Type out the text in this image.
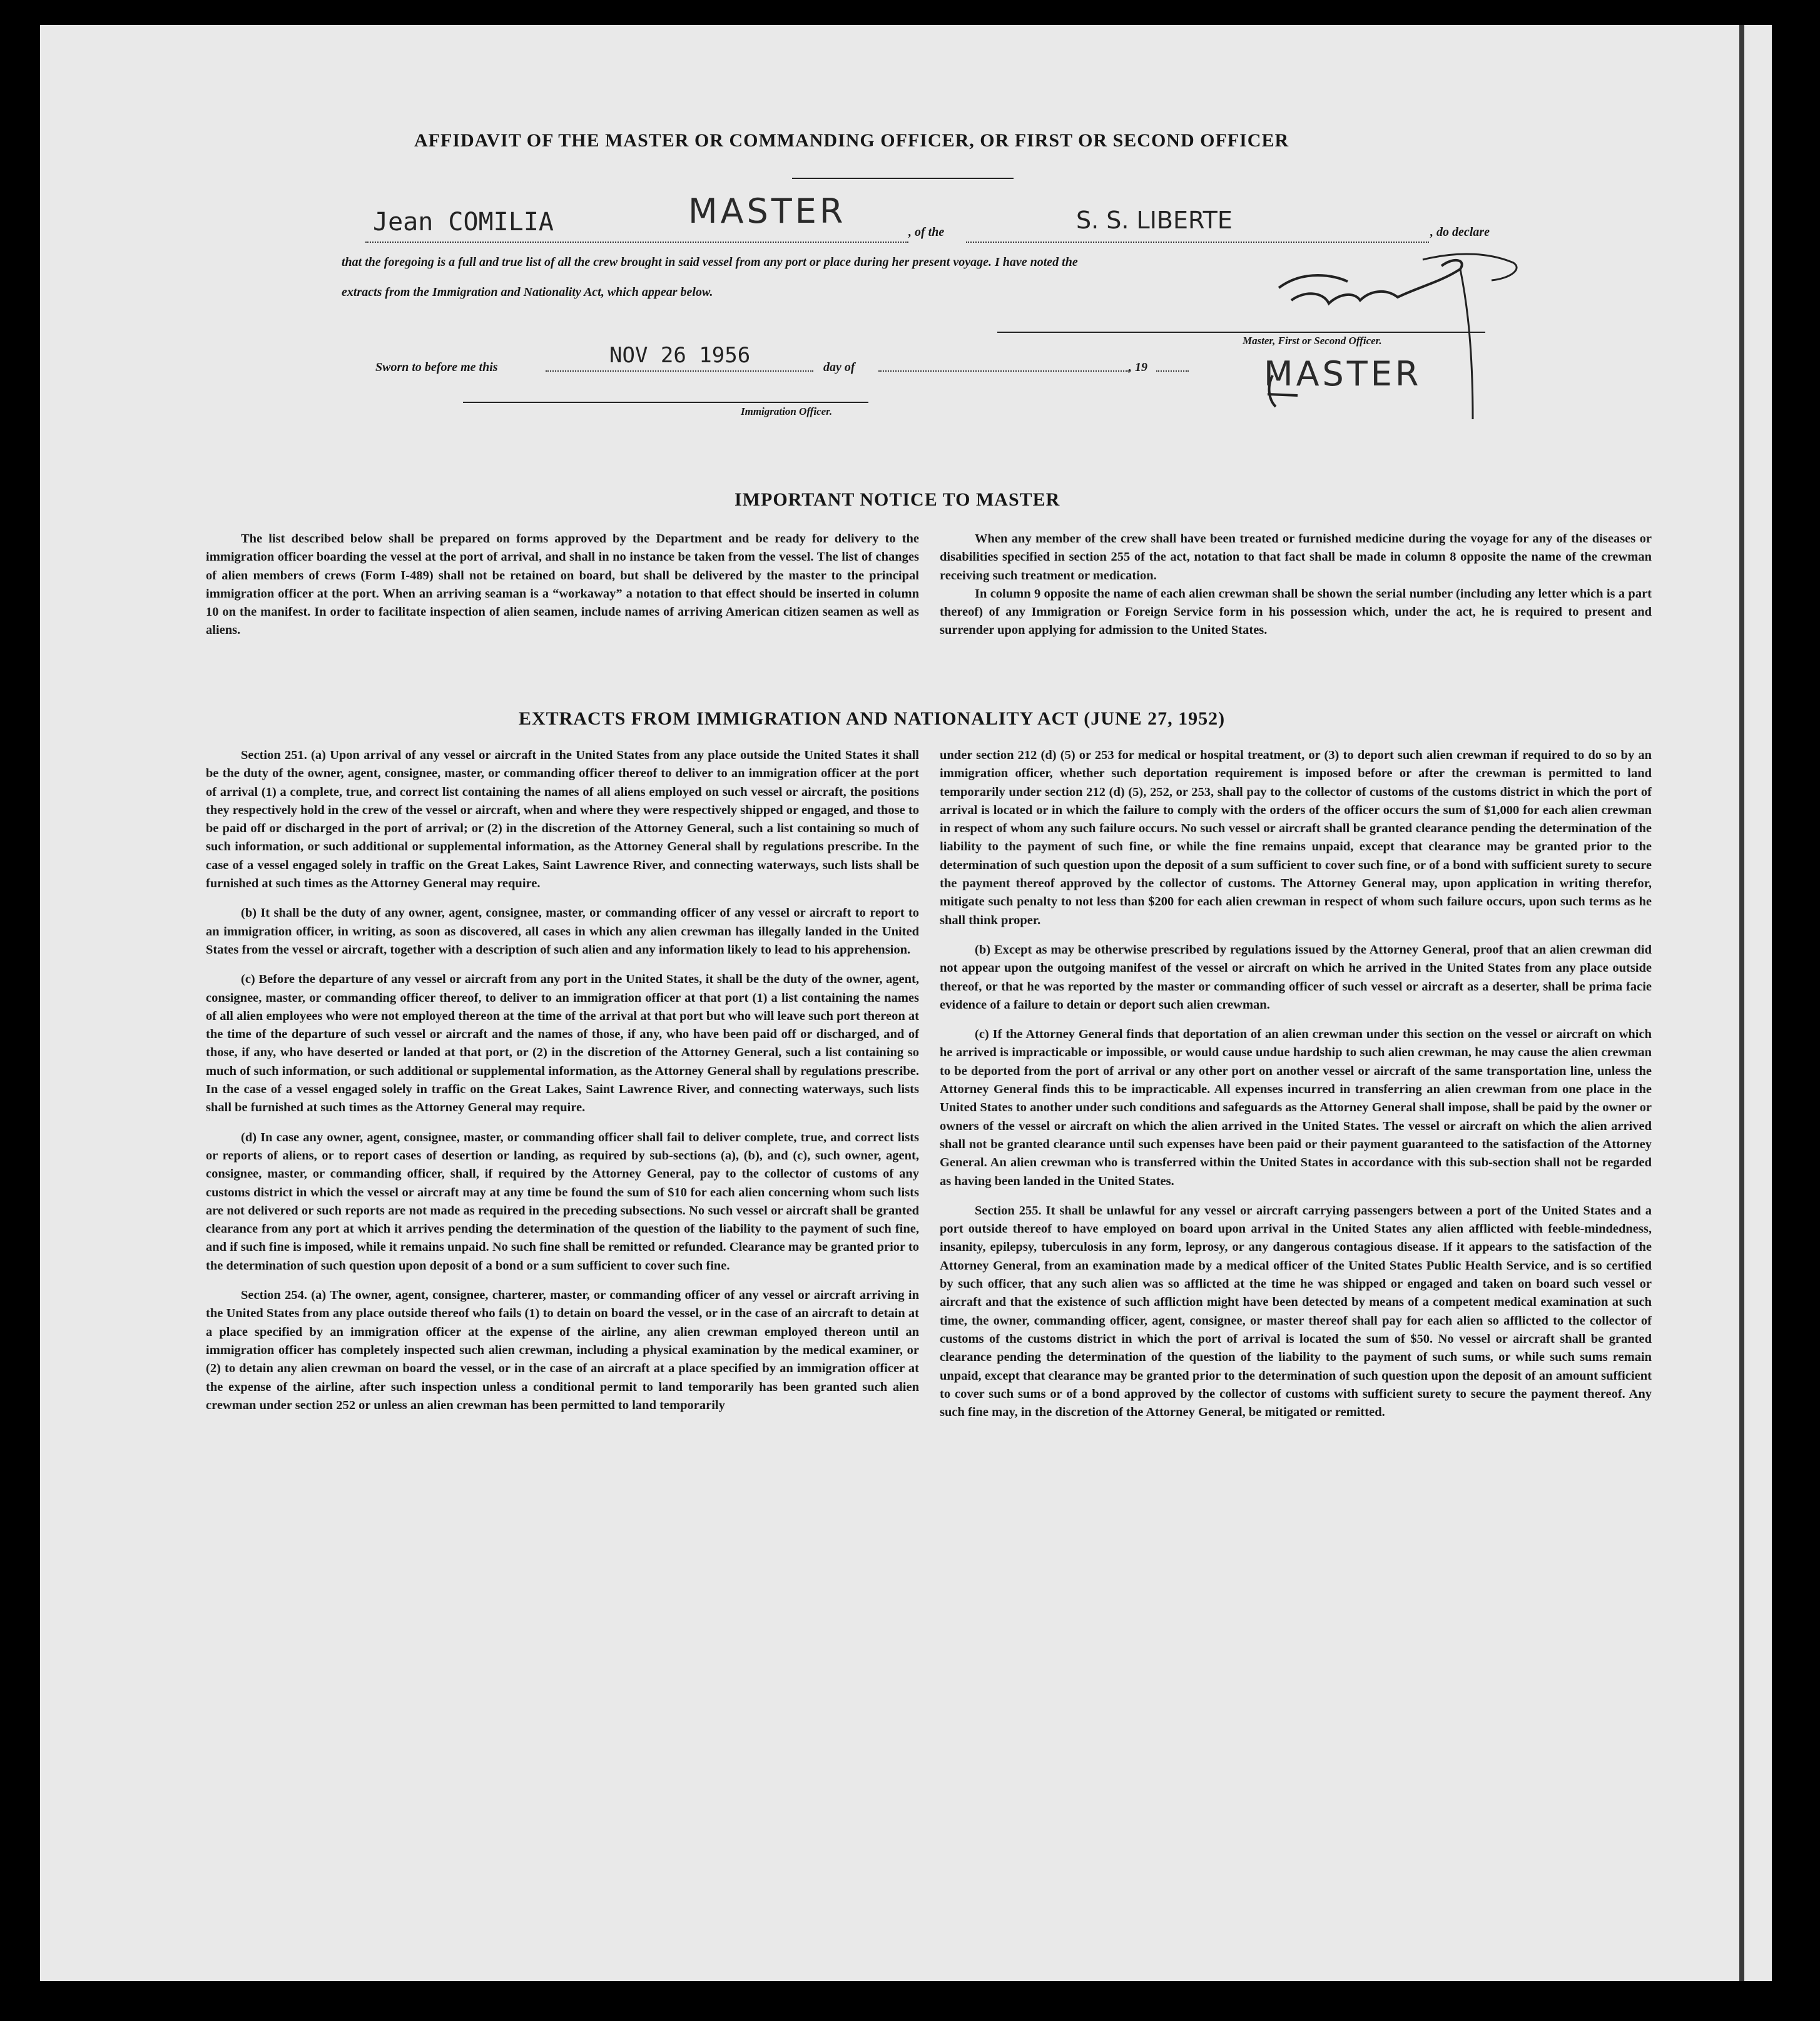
AFFIDAVIT OF THE MASTER OR COMMANDING OFFICER, OR FIRST OR SECOND OFFICER
Jean COMILIA	MASTER
, of the	S. S. LIBERTE	, do declare
that the foregoing is a full and true list of all the crew brought in said vessel from any port or place during her present voyage. I have noted the
extracts from the Immigration and Nationality Act, which appear below.
Master, First or Second Officer.
MASTER
Sworn to before me this	NOV 26 1956	day of	, 19
Immigration Officer.
IMPORTANT NOTICE TO MASTER

The list described below shall be prepared on forms approved by the Department and be ready for delivery to the immigration officer boarding the vessel at the port of arrival, and shall in no instance be taken from the vessel. The list of changes of alien members of crews (Form I-489) shall not be retained on board, but shall be delivered by the master to the principal immigration officer at the port. When an arriving seaman is a “workaway” a notation to that effect should be inserted in column 10 on the manifest. In order to facilitate inspection of alien seamen, include names of arriving American citizen seamen as well as aliens.

When any member of the crew shall have been treated or furnished medicine during the voyage for any of the diseases or disabilities specified in section 255 of the act, notation to that fact shall be made in column 8 opposite the name of the crewman receiving such treatment or medication.

In column 9 opposite the name of each alien crewman shall be shown the serial number (including any letter which is a part thereof) of any Immigration or Foreign Service form in his possession which, under the act, he is required to present and surrender upon applying for admission to the United States.

EXTRACTS FROM IMMIGRATION AND NATIONALITY ACT (JUNE 27, 1952)

Section 251. (a) Upon arrival of any vessel or aircraft in the United States from any place outside the United States it shall be the duty of the owner, agent, consignee, master, or commanding officer thereof to deliver to an immigration officer at the port of arrival (1) a complete, true, and correct list containing the names of all aliens employed on such vessel or aircraft, the positions they respectively hold in the crew of the vessel or aircraft, when and where they were respectively shipped or engaged, and those to be paid off or discharged in the port of arrival; or (2) in the discretion of the Attorney General, such a list containing so much of such information, or such additional or supplemental information, as the Attorney General shall by regulations prescribe. In the case of a vessel engaged solely in traffic on the Great Lakes, Saint Lawrence River, and connecting waterways, such lists shall be furnished at such times as the Attorney General may require.

(b) It shall be the duty of any owner, agent, consignee, master, or commanding officer of any vessel or aircraft to report to an immigration officer, in writing, as soon as discovered, all cases in which any alien crewman has illegally landed in the United States from the vessel or aircraft, together with a description of such alien and any information likely to lead to his apprehension.

(c) Before the departure of any vessel or aircraft from any port in the United States, it shall be the duty of the owner, agent, consignee, master, or commanding officer thereof, to deliver to an immigration officer at that port (1) a list containing the names of all alien employees who were not employed thereon at the time of the arrival at that port but who will leave such port thereon at the time of the departure of such vessel or aircraft and the names of those, if any, who have been paid off or discharged, and of those, if any, who have deserted or landed at that port, or (2) in the discretion of the Attorney General, such a list containing so much of such information, or such additional or supplemental information, as the Attorney General shall by regulations prescribe. In the case of a vessel engaged solely in traffic on the Great Lakes, Saint Lawrence River, and connecting waterways, such lists shall be furnished at such times as the Attorney General may require.

(d) In case any owner, agent, consignee, master, or commanding officer shall fail to deliver complete, true, and correct lists or reports of aliens, or to report cases of desertion or landing, as required by sub-sections (a), (b), and (c), such owner, agent, consignee, master, or commanding officer, shall, if required by the Attorney General, pay to the collector of customs of any customs district in which the vessel or aircraft may at any time be found the sum of $10 for each alien concerning whom such lists are not delivered or such reports are not made as required in the preceding subsections. No such vessel or aircraft shall be granted clearance from any port at which it arrives pending the determination of the question of the liability to the payment of such fine, and if such fine is imposed, while it remains unpaid. No such fine shall be remitted or refunded. Clearance may be granted prior to the determination of such question upon deposit of a bond or a sum sufficient to cover such fine.

Section 254. (a) The owner, agent, consignee, charterer, master, or commanding officer of any vessel or aircraft arriving in the United States from any place outside thereof who fails (1) to detain on board the vessel, or in the case of an aircraft to detain at a place specified by an immigration officer at the expense of the airline, any alien crewman employed thereon until an immigration officer has completely inspected such alien crewman, including a physical examination by the medical examiner, or (2) to detain any alien crewman on board the vessel, or in the case of an aircraft at a place specified by an immigration officer at the expense of the airline, after such inspection unless a conditional permit to land temporarily has been granted such alien crewman under section 252 or unless an alien crewman has been permitted to land temporarily

under section 212 (d) (5) or 253 for medical or hospital treatment, or (3) to deport such alien crewman if required to do so by an immigration officer, whether such deportation requirement is imposed before or after the crewman is permitted to land temporarily under section 212 (d) (5), 252, or 253, shall pay to the collector of customs of the customs district in which the port of arrival is located or in which the failure to comply with the orders of the officer occurs the sum of $1,000 for each alien crewman in respect of whom any such failure occurs. No such vessel or aircraft shall be granted clearance pending the determination of the liability to the payment of such fine, or while the fine remains unpaid, except that clearance may be granted prior to the determination of such question upon the deposit of a sum sufficient to cover such fine, or of a bond with sufficient surety to secure the payment thereof approved by the collector of customs. The Attorney General may, upon application in writing therefor, mitigate such penalty to not less than $200 for each alien crewman in respect of whom such failure occurs, upon such terms as he shall think proper.

(b) Except as may be otherwise prescribed by regulations issued by the Attorney General, proof that an alien crewman did not appear upon the outgoing manifest of the vessel or aircraft on which he arrived in the United States from any place outside thereof, or that he was reported by the master or commanding officer of such vessel or aircraft as a deserter, shall be prima facie evidence of a failure to detain or deport such alien crewman.

(c) If the Attorney General finds that deportation of an alien crewman under this section on the vessel or aircraft on which he arrived is impracticable or impossible, or would cause undue hardship to such alien crewman, he may cause the alien crewman to be deported from the port of arrival or any other port on another vessel or aircraft of the same transportation line, unless the Attorney General finds this to be impracticable. All expenses incurred in transferring an alien crewman from one place in the United States to another under such conditions and safeguards as the Attorney General shall impose, shall be paid by the owner or owners of the vessel or aircraft on which the alien arrived in the United States. The vessel or aircraft on which the alien arrived shall not be granted clearance until such expenses have been paid or their payment guaranteed to the satisfaction of the Attorney General. An alien crewman who is transferred within the United States in accordance with this sub-section shall not be regarded as having been landed in the United States.

Section 255. It shall be unlawful for any vessel or aircraft carrying passengers between a port of the United States and a port outside thereof to have employed on board upon arrival in the United States any alien afflicted with feeble-mindedness, insanity, epilepsy, tuberculosis in any form, leprosy, or any dangerous contagious disease. If it appears to the satisfaction of the Attorney General, from an examination made by a medical officer of the United States Public Health Service, and is so certified by such officer, that any such alien was so afflicted at the time he was shipped or engaged and taken on board such vessel or aircraft and that the existence of such affliction might have been detected by means of a competent medical examination at such time, the owner, commanding officer, agent, consignee, or master thereof shall pay for each alien so afflicted to the collector of customs of the customs district in which the port of arrival is located the sum of $50. No vessel or aircraft shall be granted clearance pending the determination of the question of the liability to the payment of such sums, or while such sums remain unpaid, except that clearance may be granted prior to the determination of such question upon the deposit of an amount sufficient to cover such sums or of a bond approved by the collector of customs with sufficient surety to secure the payment thereof. Any such fine may, in the discretion of the Attorney General, be mitigated or remitted.
